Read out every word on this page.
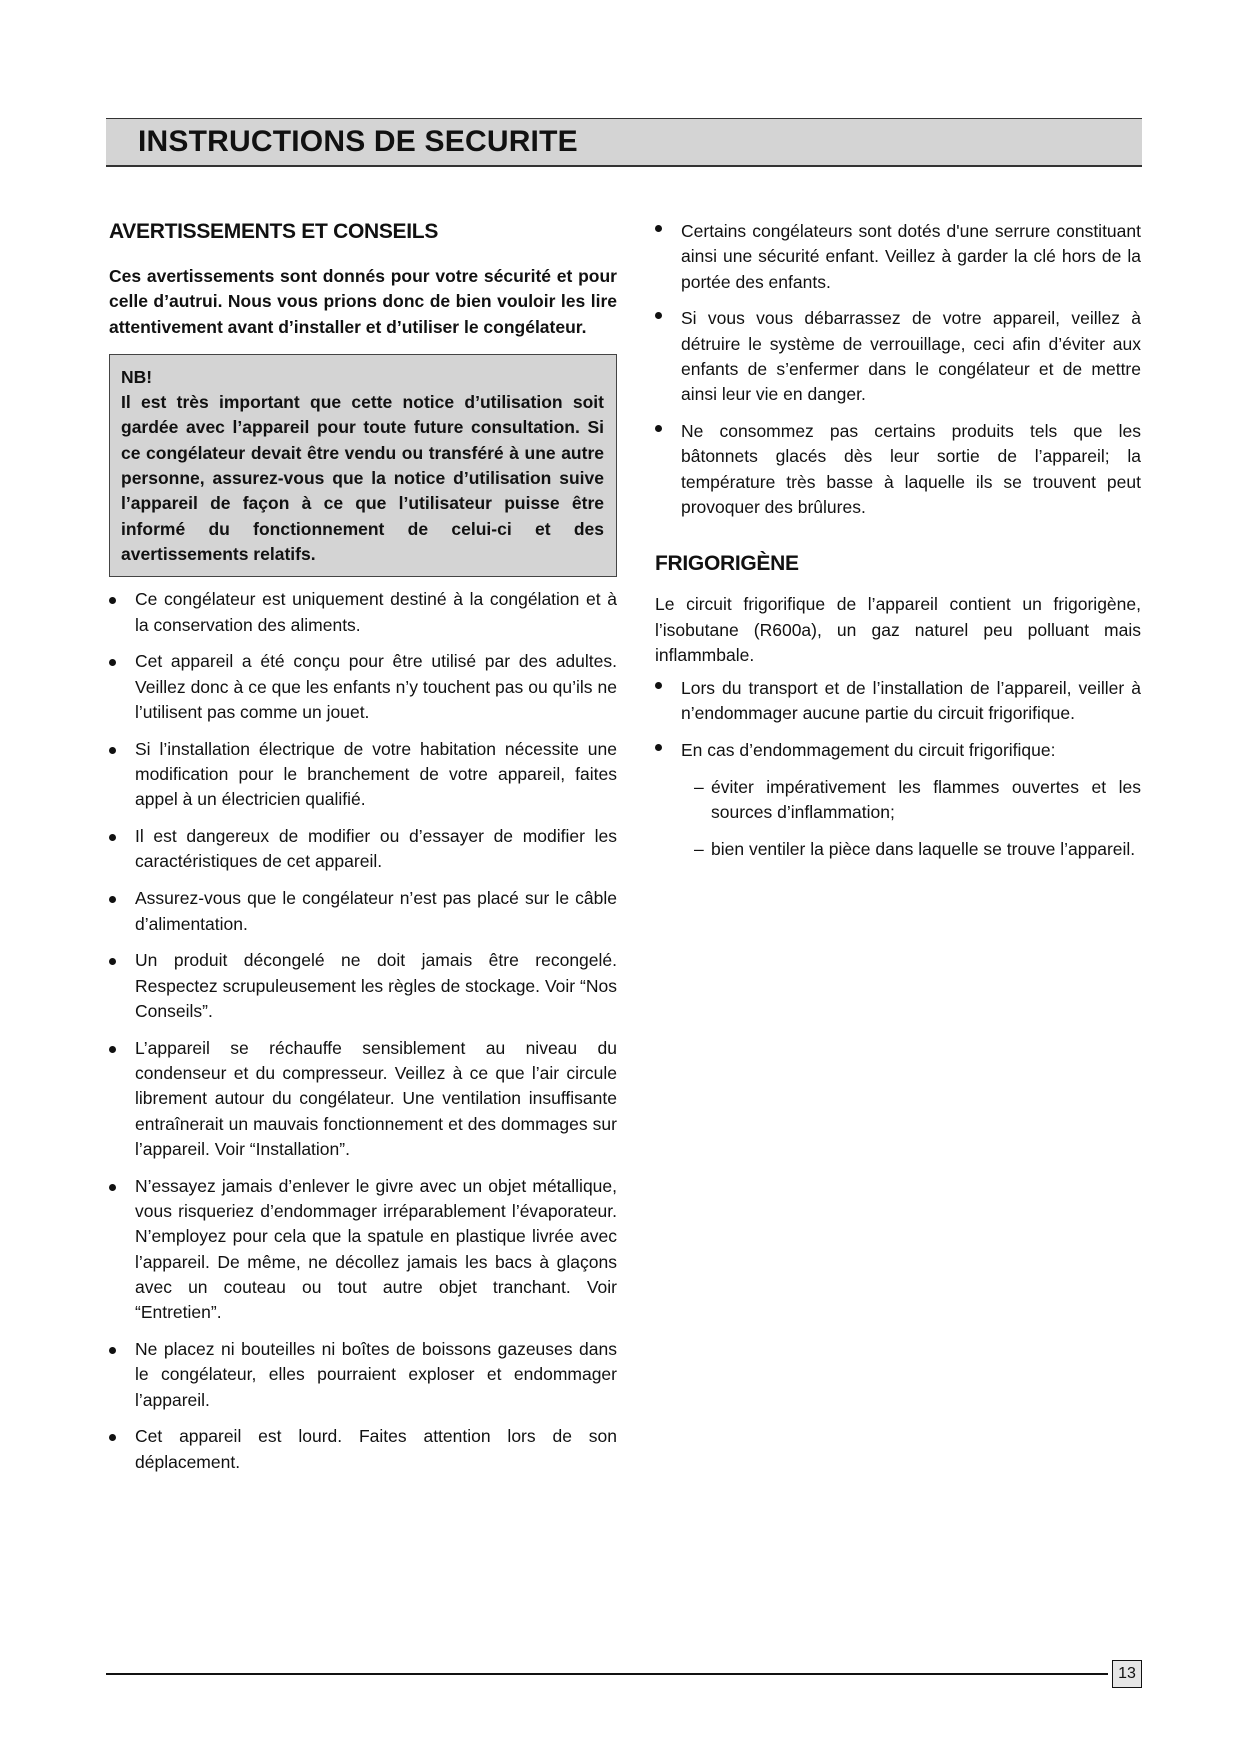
INSTRUCTIONS DE SECURITE
AVERTISSEMENTS ET CONSEILS

Ces avertissements sont donnés pour votre sécurité et pour celle d’autrui. Nous vous prions donc de bien vouloir les lire attentivement avant d’installer et d’utiliser le congélateur.

NB!

Il est très important que cette notice d’utilisation soit gardée avec l’appareil pour toute future consultation. Si ce congélateur devait être vendu ou transféré à une autre personne, assurez-vous que la notice d’utilisation suive l’appareil de façon à ce que l’utilisateur puisse être informé du fonctionnement de celui-ci et des avertissements relatifs.

Ce congélateur est uniquement destiné à la congélation et à la conservation des aliments.
Cet appareil a été conçu pour être utilisé par des adultes. Veillez donc à ce que les enfants n’y touchent pas ou qu’ils ne l’utilisent pas comme un jouet.
Si l’installation électrique de votre habitation nécessite une modification pour le branchement de votre appareil, faites appel à un électricien qualifié.
Il est dangereux de modifier ou d’essayer de modifier les caractéristiques de cet appareil.
Assurez-vous que le congélateur n’est pas placé sur le câble d’alimentation.
Un produit décongelé ne doit jamais être recongelé. Respectez scrupuleusement les règles de stockage. Voir “Nos Conseils”.
L’appareil se réchauffe sensiblement au niveau du condenseur et du compresseur. Veillez à ce que l’air circule librement autour du congélateur. Une ventilation insuffisante entraînerait un mauvais fonctionnement et des dommages sur l’appareil. Voir “Installation”.
N’essayez jamais d’enlever le givre avec un objet métallique, vous risqueriez d’endommager irréparablement l’évaporateur. N’employez pour cela que la spatule en plastique livrée avec l’appareil. De même, ne décollez jamais les bacs à glaçons avec un couteau ou tout autre objet tranchant. Voir “Entretien”.
Ne placez ni bouteilles ni boîtes de boissons gazeuses dans le congélateur, elles pourraient exploser et endommager l’appareil.
Cet appareil est lourd. Faites attention lors de son déplacement.
Certains congélateurs sont dotés d'une serrure constituant ainsi une sécurité enfant. Veillez à garder la clé hors de la portée des enfants.
Si vous vous débarrassez de votre appareil, veillez à détruire le système de verrouillage, ceci afin d’éviter aux enfants de s’enfermer dans le congélateur et de mettre ainsi leur vie en danger.
Ne consommez pas certains produits tels que les bâtonnets glacés dès leur sortie de l’appareil; la température très basse à laquelle ils se trouvent peut provoquer des brûlures.
FRIGORIGÈNE

Le circuit frigorifique de l’appareil contient un frigorigène, l’isobutane (R600a), un gaz naturel peu polluant mais inflammbale.

Lors du transport et de l’installation de l’appareil, veiller à n’endommager aucune partie du circuit frigorifique.
En cas d’endommagement du circuit frigorifique:
– éviter impérativement les flammes ouvertes et les sources d’inflammation;
– bien ventiler la pièce dans laquelle se trouve l’appareil.
13
